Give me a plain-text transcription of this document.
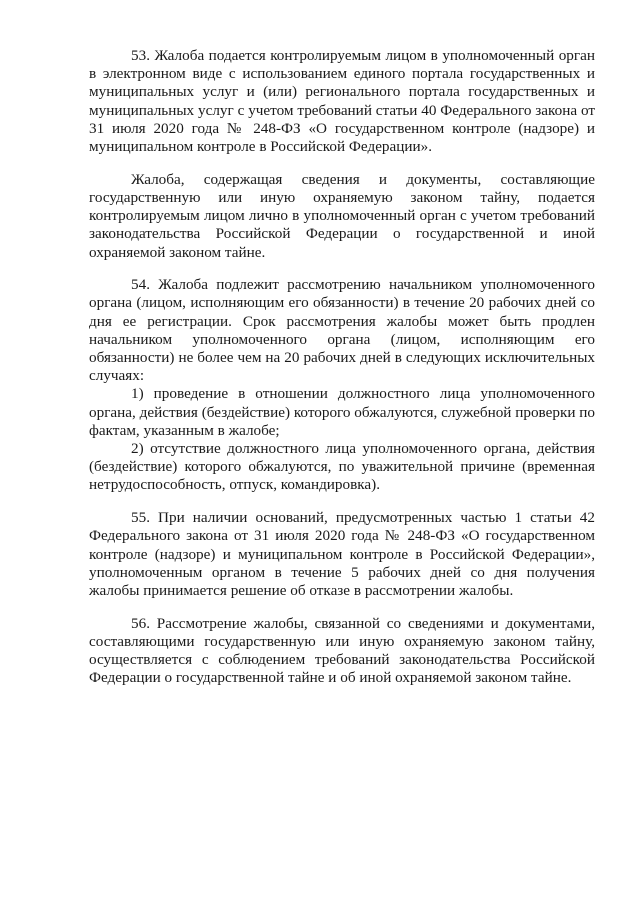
53. Жалоба подается контролируемым лицом в уполномоченный орган в электронном виде с использованием единого портала государственных и муниципальных услуг и (или) регионального портала государственных и муниципальных услуг с учетом требований статьи 40 Федерального закона от 31 июля 2020 года № 248-ФЗ «О государственном контроле (надзоре) и муниципальном контроле в Российской Федерации».

Жалоба, содержащая сведения и документы, составляющие государственную или иную охраняемую законом тайну, подается контролируемым лицом лично в уполномоченный орган с учетом требований законодательства Российской Федерации о государственной и иной охраняемой законом тайне.

54. Жалоба подлежит рассмотрению начальником уполномоченного органа (лицом, исполняющим его обязанности) в течение 20 рабочих дней со дня ее регистрации. Срок рассмотрения жалобы может быть продлен начальником уполномоченного органа (лицом, исполняющим его обязанности) не более чем на 20 рабочих дней в следующих исключительных случаях:

1) проведение в отношении должностного лица уполномоченного органа, действия (бездействие) которого обжалуются, служебной проверки по фактам, указанным в жалобе;

2) отсутствие должностного лица уполномоченного органа, действия (бездействие) которого обжалуются, по уважительной причине (временная нетрудоспособность, отпуск, командировка).

55. При наличии оснований, предусмотренных частью 1 статьи 42 Федерального закона от 31 июля 2020 года № 248-ФЗ «О государственном контроле (надзоре) и муниципальном контроле в Российской Федерации», уполномоченным органом в течение 5 рабочих дней со дня получения жалобы принимается решение об отказе в рассмотрении жалобы.

56. Рассмотрение жалобы, связанной со сведениями и документами, составляющими государственную или иную охраняемую законом тайну, осуществляется с соблюдением требований законодательства Российской Федерации о государственной тайне и об иной охраняемой законом тайне.
